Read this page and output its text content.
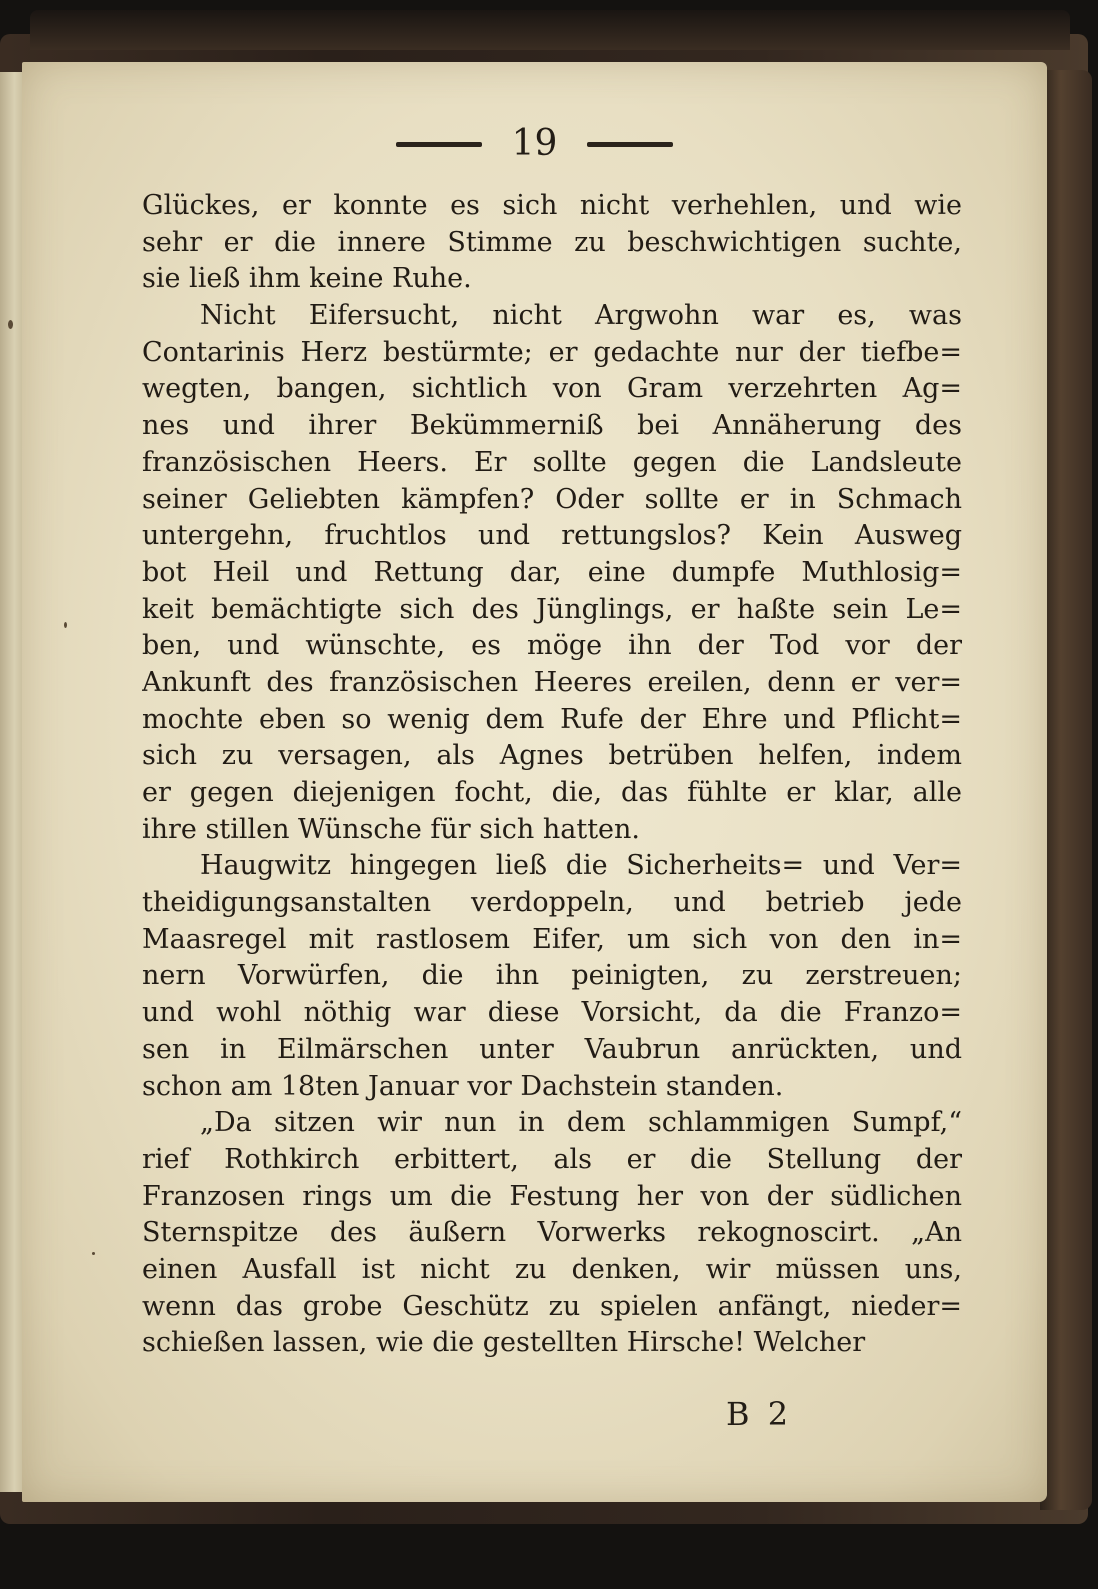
19
Glückes, er konnte es sich nicht verhehlen, und wie
sehr er die innere Stimme zu beschwichtigen suchte,
sie ließ ihm keine Ruhe.
Nicht Eifersucht, nicht Argwohn war es, was
Contarinis Herz bestürmte; er gedachte nur der tiefbe=
wegten, bangen, sichtlich von Gram verzehrten Ag=
nes und ihrer Bekümmerniß bei Annäherung des
französischen Heers. Er sollte gegen die Landsleute
seiner Geliebten kämpfen? Oder sollte er in Schmach
untergehn, fruchtlos und rettungslos? Kein Ausweg
bot Heil und Rettung dar, eine dumpfe Muthlosig=
keit bemächtigte sich des Jünglings, er haßte sein Le=
ben, und wünschte, es möge ihn der Tod vor der
Ankunft des französischen Heeres ereilen, denn er ver=
mochte eben so wenig dem Rufe der Ehre und Pflicht=
sich zu versagen, als Agnes betrüben helfen, indem
er gegen diejenigen focht, die, das fühlte er klar, alle
ihre stillen Wünsche für sich hatten.
Haugwitz hingegen ließ die Sicherheits= und Ver=
theidigungsanstalten verdoppeln, und betrieb jede
Maasregel mit rastlosem Eifer, um sich von den in=
nern Vorwürfen, die ihn peinigten, zu zerstreuen;
und wohl nöthig war diese Vorsicht, da die Franzo=
sen in Eilmärschen unter Vaubrun anrückten, und
schon am 18ten Januar vor Dachstein standen.
„Da sitzen wir nun in dem schlammigen Sumpf,“
rief Rothkirch erbittert, als er die Stellung der
Franzosen rings um die Festung her von der südlichen
Sternspitze des äußern Vorwerks rekognoscirt. „An
einen Ausfall ist nicht zu denken, wir müssen uns,
wenn das grobe Geschütz zu spielen anfängt, nieder=
schießen lassen, wie die gestellten Hirsche! Welcher
B 2
